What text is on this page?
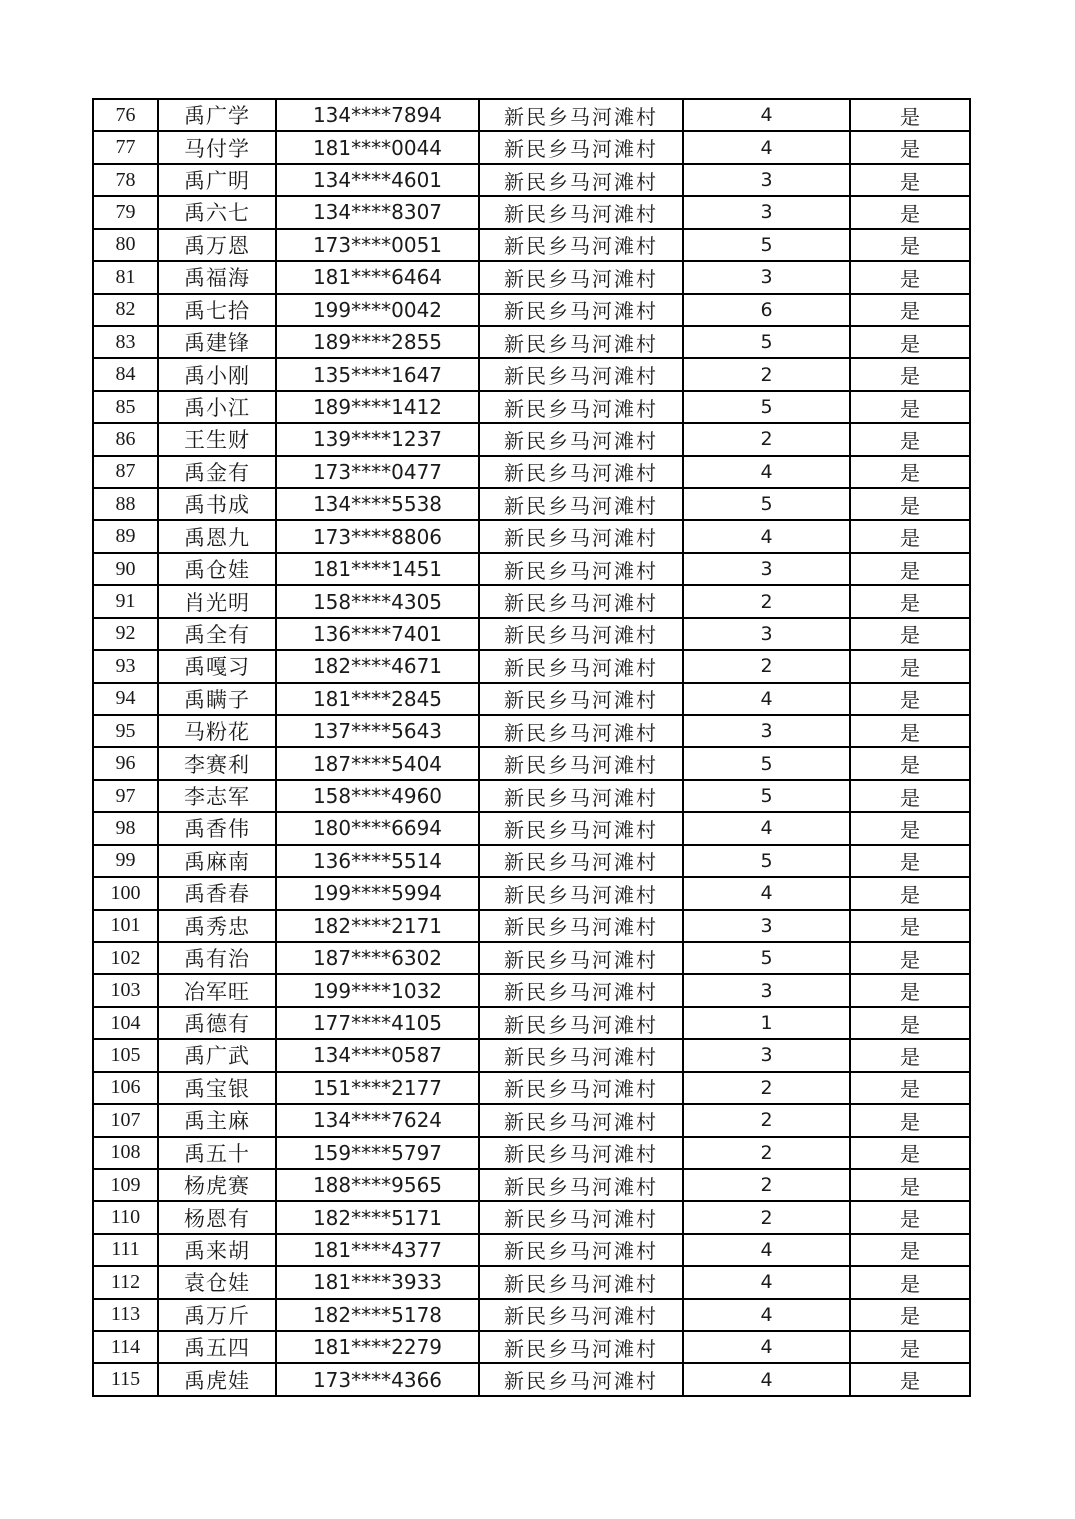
76	禹广学	134****7894	新民乡马河滩村	4	是
77	马付学	181****0044	新民乡马河滩村	4	是
78	禹广明	134****4601	新民乡马河滩村	3	是
79	禹六七	134****8307	新民乡马河滩村	3	是
80	禹万恩	173****0051	新民乡马河滩村	5	是
81	禹福海	181****6464	新民乡马河滩村	3	是
82	禹七拾	199****0042	新民乡马河滩村	6	是
83	禹建锋	189****2855	新民乡马河滩村	5	是
84	禹小刚	135****1647	新民乡马河滩村	2	是
85	禹小江	189****1412	新民乡马河滩村	5	是
86	王生财	139****1237	新民乡马河滩村	2	是
87	禹金有	173****0477	新民乡马河滩村	4	是
88	禹书成	134****5538	新民乡马河滩村	5	是
89	禹恩九	173****8806	新民乡马河滩村	4	是
90	禹仓娃	181****1451	新民乡马河滩村	3	是
91	肖光明	158****4305	新民乡马河滩村	2	是
92	禹全有	136****7401	新民乡马河滩村	3	是
93	禹嘎习	182****4671	新民乡马河滩村	2	是
94	禹瞒子	181****2845	新民乡马河滩村	4	是
95	马粉花	137****5643	新民乡马河滩村	3	是
96	李赛利	187****5404	新民乡马河滩村	5	是
97	李志军	158****4960	新民乡马河滩村	5	是
98	禹香伟	180****6694	新民乡马河滩村	4	是
99	禹麻南	136****5514	新民乡马河滩村	5	是
100	禹香春	199****5994	新民乡马河滩村	4	是
101	禹秀忠	182****2171	新民乡马河滩村	3	是
102	禹有治	187****6302	新民乡马河滩村	5	是
103	冶军旺	199****1032	新民乡马河滩村	3	是
104	禹德有	177****4105	新民乡马河滩村	1	是
105	禹广武	134****0587	新民乡马河滩村	3	是
106	禹宝银	151****2177	新民乡马河滩村	2	是
107	禹主麻	134****7624	新民乡马河滩村	2	是
108	禹五十	159****5797	新民乡马河滩村	2	是
109	杨虎赛	188****9565	新民乡马河滩村	2	是
110	杨恩有	182****5171	新民乡马河滩村	2	是
111	禹来胡	181****4377	新民乡马河滩村	4	是
112	袁仓娃	181****3933	新民乡马河滩村	4	是
113	禹万斤	182****5178	新民乡马河滩村	4	是
114	禹五四	181****2279	新民乡马河滩村	4	是
115	禹虎娃	173****4366	新民乡马河滩村	4	是
